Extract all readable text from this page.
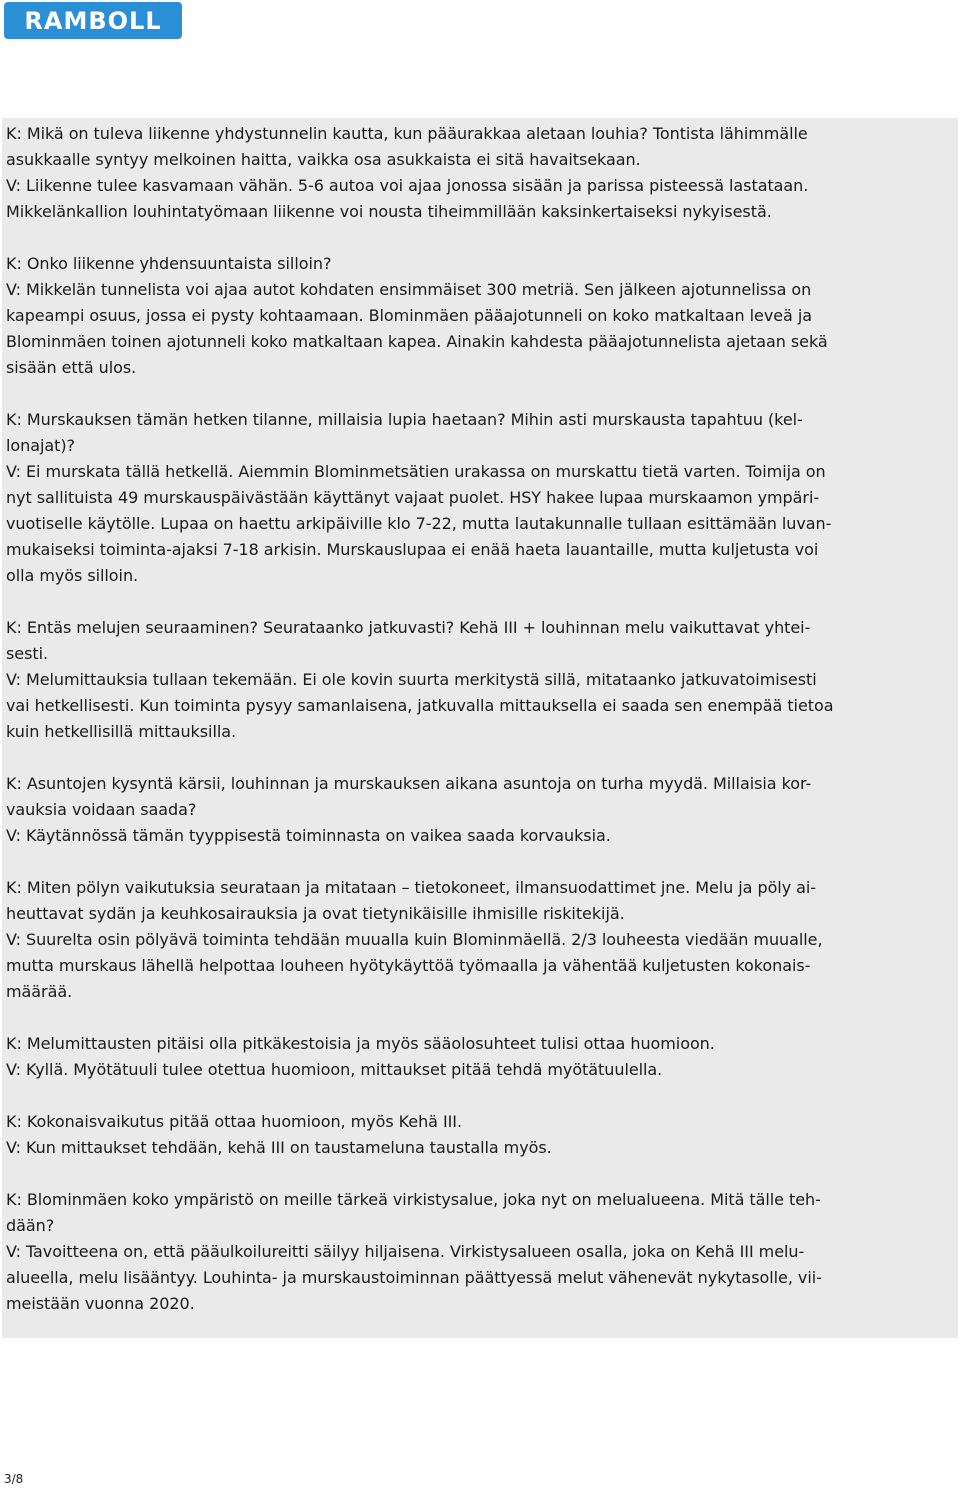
RAMBOLL
K: Mikä on tuleva liikenne yhdystunnelin kautta, kun pääurakkaa aletaan louhia? Tontista lähimmälle
asukkaalle syntyy melkoinen haitta, vaikka osa asukkaista ei sitä havaitsekaan.
V: Liikenne tulee kasvamaan vähän. 5-6 autoa voi ajaa jonossa sisään ja parissa pisteessä lastataan.
Mikkelänkallion louhintatyömaan liikenne voi nousta tiheimmillään kaksinkertaiseksi nykyisestä.
K: Onko liikenne yhdensuuntaista silloin?
V: Mikkelän tunnelista voi ajaa autot kohdaten ensimmäiset 300 metriä. Sen jälkeen ajotunnelissa on
kapeampi osuus, jossa ei pysty kohtaamaan. Blominmäen pääajotunneli on koko matkaltaan leveä ja
Blominmäen toinen ajotunneli koko matkaltaan kapea. Ainakin kahdesta pääajotunnelista ajetaan sekä
sisään että ulos.
K: Murskauksen tämän hetken tilanne, millaisia lupia haetaan? Mihin asti murskausta tapahtuu (kel-
lonajat)?
V: Ei murskata tällä hetkellä. Aiemmin Blominmetsätien urakassa on murskattu tietä varten. Toimija on
nyt sallituista 49 murskauspäivästään käyttänyt vajaat puolet. HSY hakee lupaa murskaamon ympäri-
vuotiselle käytölle. Lupaa on haettu arkipäiville klo 7-22, mutta lautakunnalle tullaan esittämään luvan-
mukaiseksi toiminta-ajaksi 7-18 arkisin. Murskauslupaa ei enää haeta lauantaille, mutta kuljetusta voi
olla myös silloin.
K: Entäs melujen seuraaminen? Seurataanko jatkuvasti? Kehä III + louhinnan melu vaikuttavat yhtei-
sesti.
V: Melumittauksia tullaan tekemään. Ei ole kovin suurta merkitystä sillä, mitataanko jatkuvatoimisesti
vai hetkellisesti. Kun toiminta pysyy samanlaisena, jatkuvalla mittauksella ei saada sen enempää tietoa
kuin hetkellisillä mittauksilla.
K: Asuntojen kysyntä kärsii, louhinnan ja murskauksen aikana asuntoja on turha myydä. Millaisia kor-
vauksia voidaan saada?
V: Käytännössä tämän tyyppisestä toiminnasta on vaikea saada korvauksia.
K: Miten pölyn vaikutuksia seurataan ja mitataan – tietokoneet, ilmansuodattimet jne. Melu ja pöly ai-
heuttavat sydän ja keuhkosairauksia ja ovat tietynikäisille ihmisille riskitekijä.
V: Suurelta osin pölyävä toiminta tehdään muualla kuin Blominmäellä. 2/3 louheesta viedään muualle,
mutta murskaus lähellä helpottaa louheen hyötykäyttöä työmaalla ja vähentää kuljetusten kokonais-
määrää.
K: Melumittausten pitäisi olla pitkäkestoisia ja myös sääolosuhteet tulisi ottaa huomioon.
V: Kyllä. Myötätuuli tulee otettua huomioon, mittaukset pitää tehdä myötätuulella.
K: Kokonaisvaikutus pitää ottaa huomioon, myös Kehä III.
V: Kun mittaukset tehdään, kehä III on taustameluna taustalla myös.
K: Blominmäen koko ympäristö on meille tärkeä virkistysalue, joka nyt on melualueena. Mitä tälle teh-
dään?
V: Tavoitteena on, että pääulkoilureitti säilyy hiljaisena. Virkistysalueen osalla, joka on Kehä III melu-
alueella, melu lisääntyy. Louhinta- ja murskaustoiminnan päättyessä melut vähenevät nykytasolle, vii-
meistään vuonna 2020.
3/8
